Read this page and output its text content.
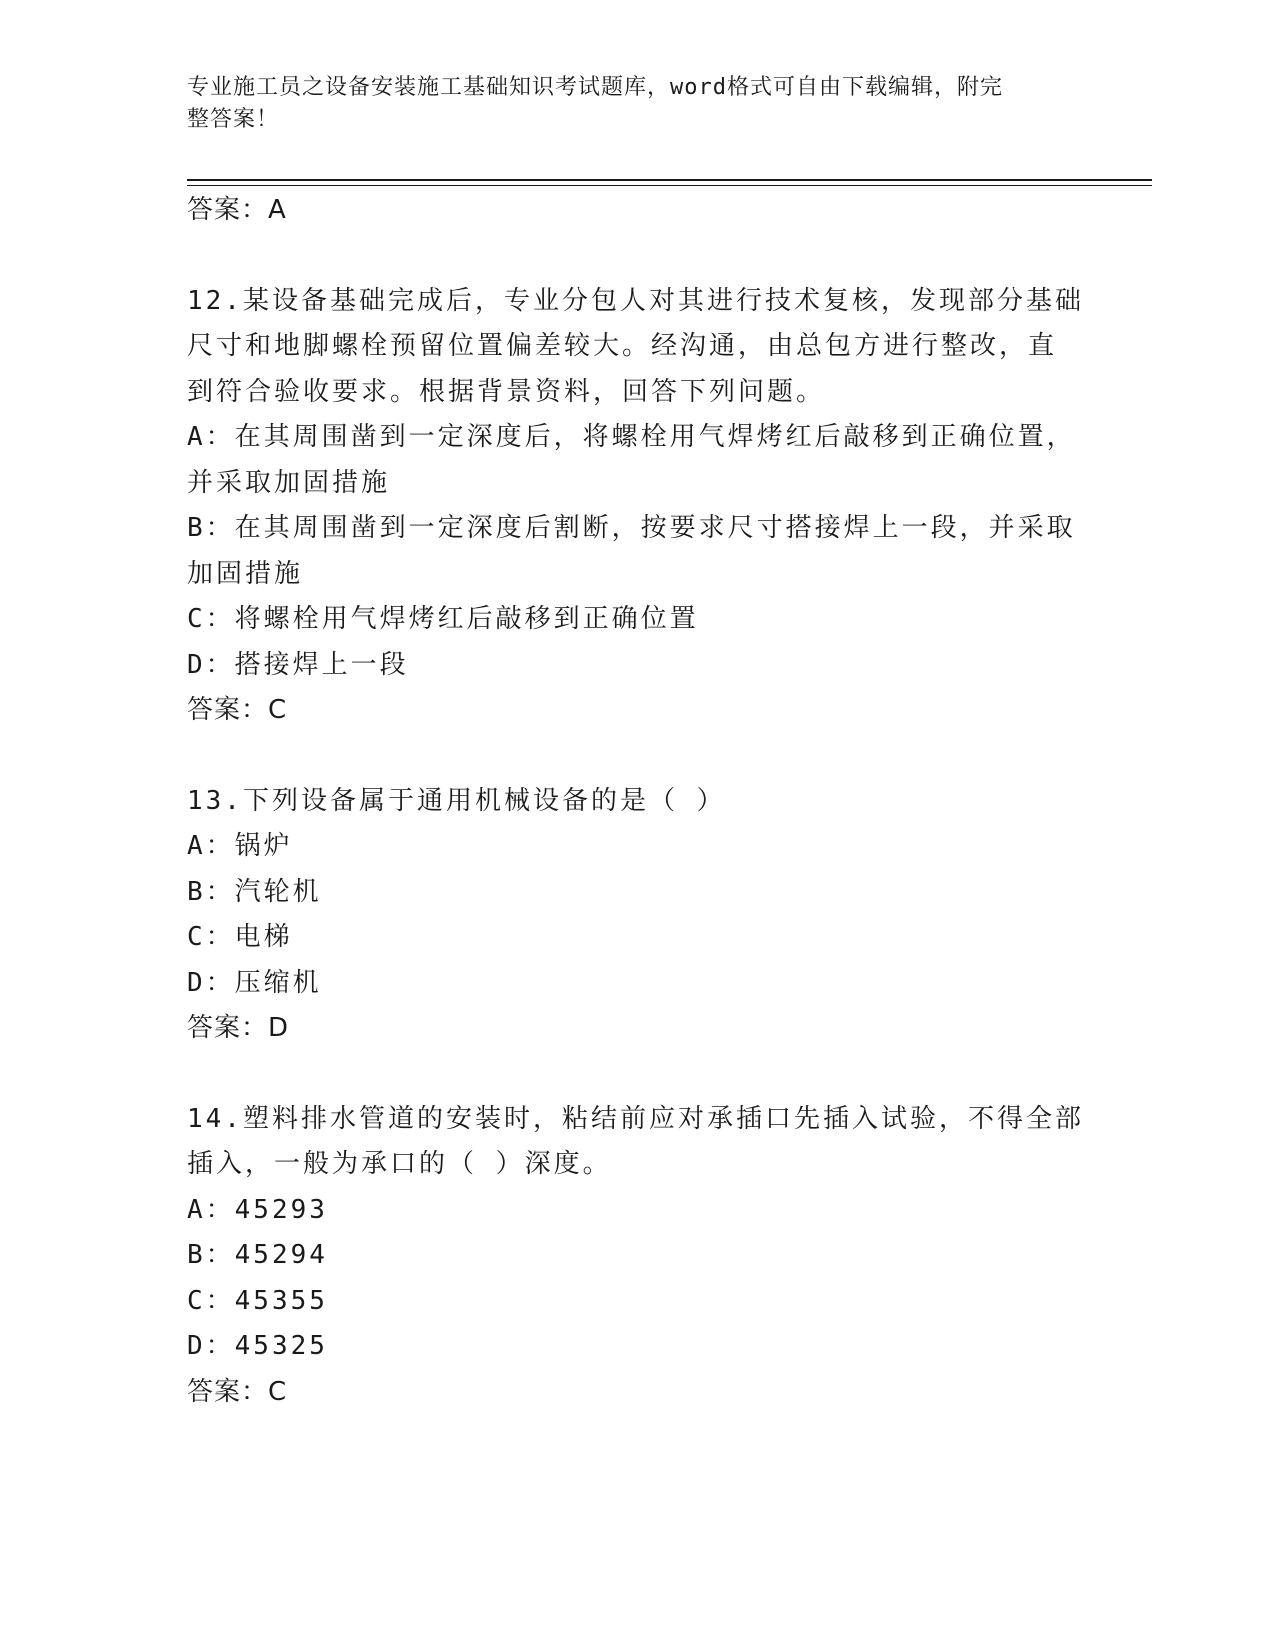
专业施工员之设备安装施工基础知识考试题库，word格式可自由下载编辑，附完
整答案！
答案：A
12.某设备基础完成后，专业分包人对其进行技术复核，发现部分基础
尺寸和地脚螺栓预留位置偏差较大。经沟通，由总包方进行整改，直
到符合验收要求。根据背景资料，回答下列问题。
A：在其周围凿到一定深度后，将螺栓用气焊烤红后敲移到正确位置，
并采取加固措施
B：在其周围凿到一定深度后割断，按要求尺寸搭接焊上一段，并采取
加固措施
C：将螺栓用气焊烤红后敲移到正确位置
D：搭接焊上一段
答案：C
13.下列设备属于通用机械设备的是（ ）
A：锅炉
B：汽轮机
C：电梯
D：压缩机
答案：D
14.塑料排水管道的安装时，粘结前应对承插口先插入试验，不得全部
插入，一般为承口的（ ）深度。
A：45293
B：45294
C：45355
D：45325
答案：C
